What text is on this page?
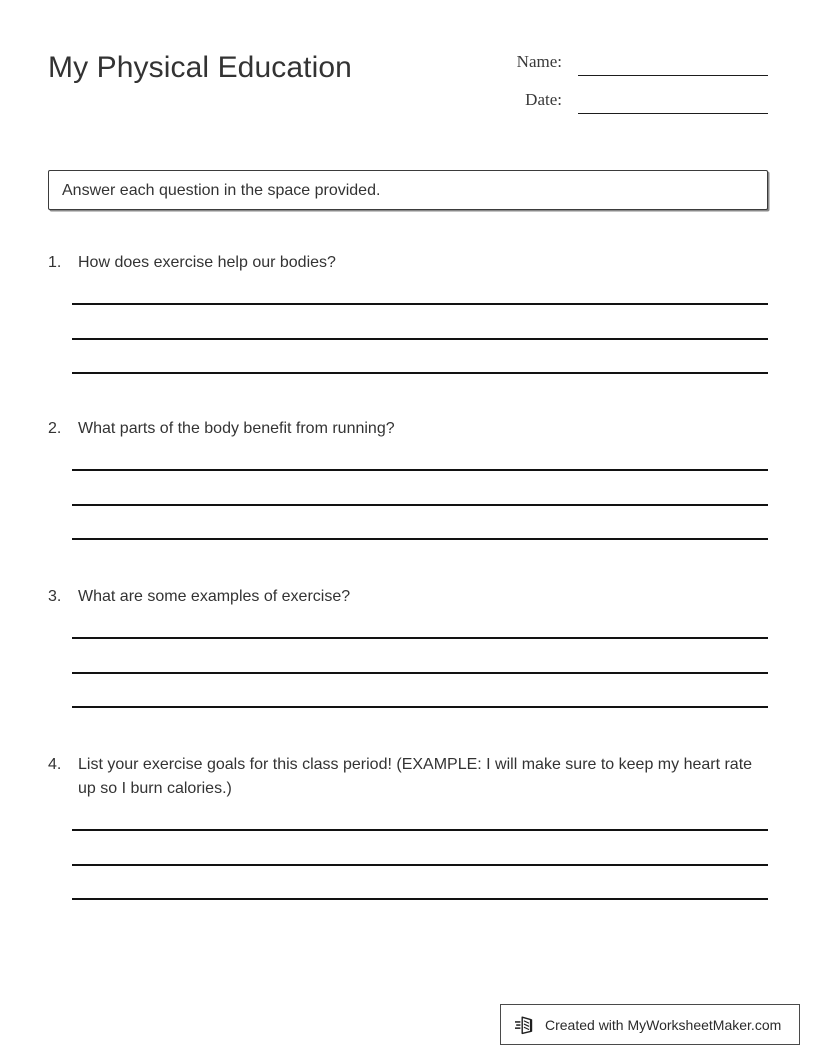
My Physical Education	Name:
Date:
Answer each question in the space provided.
1.	How does exercise help our bodies?
2.	What parts of the body benefit from running?
3.	What are some examples of exercise?
4.	List your exercise goals for this class period! (EXAMPLE: I will make sure to keep my heart rate up so I burn calories.)
Created with MyWorksheetMaker.com
